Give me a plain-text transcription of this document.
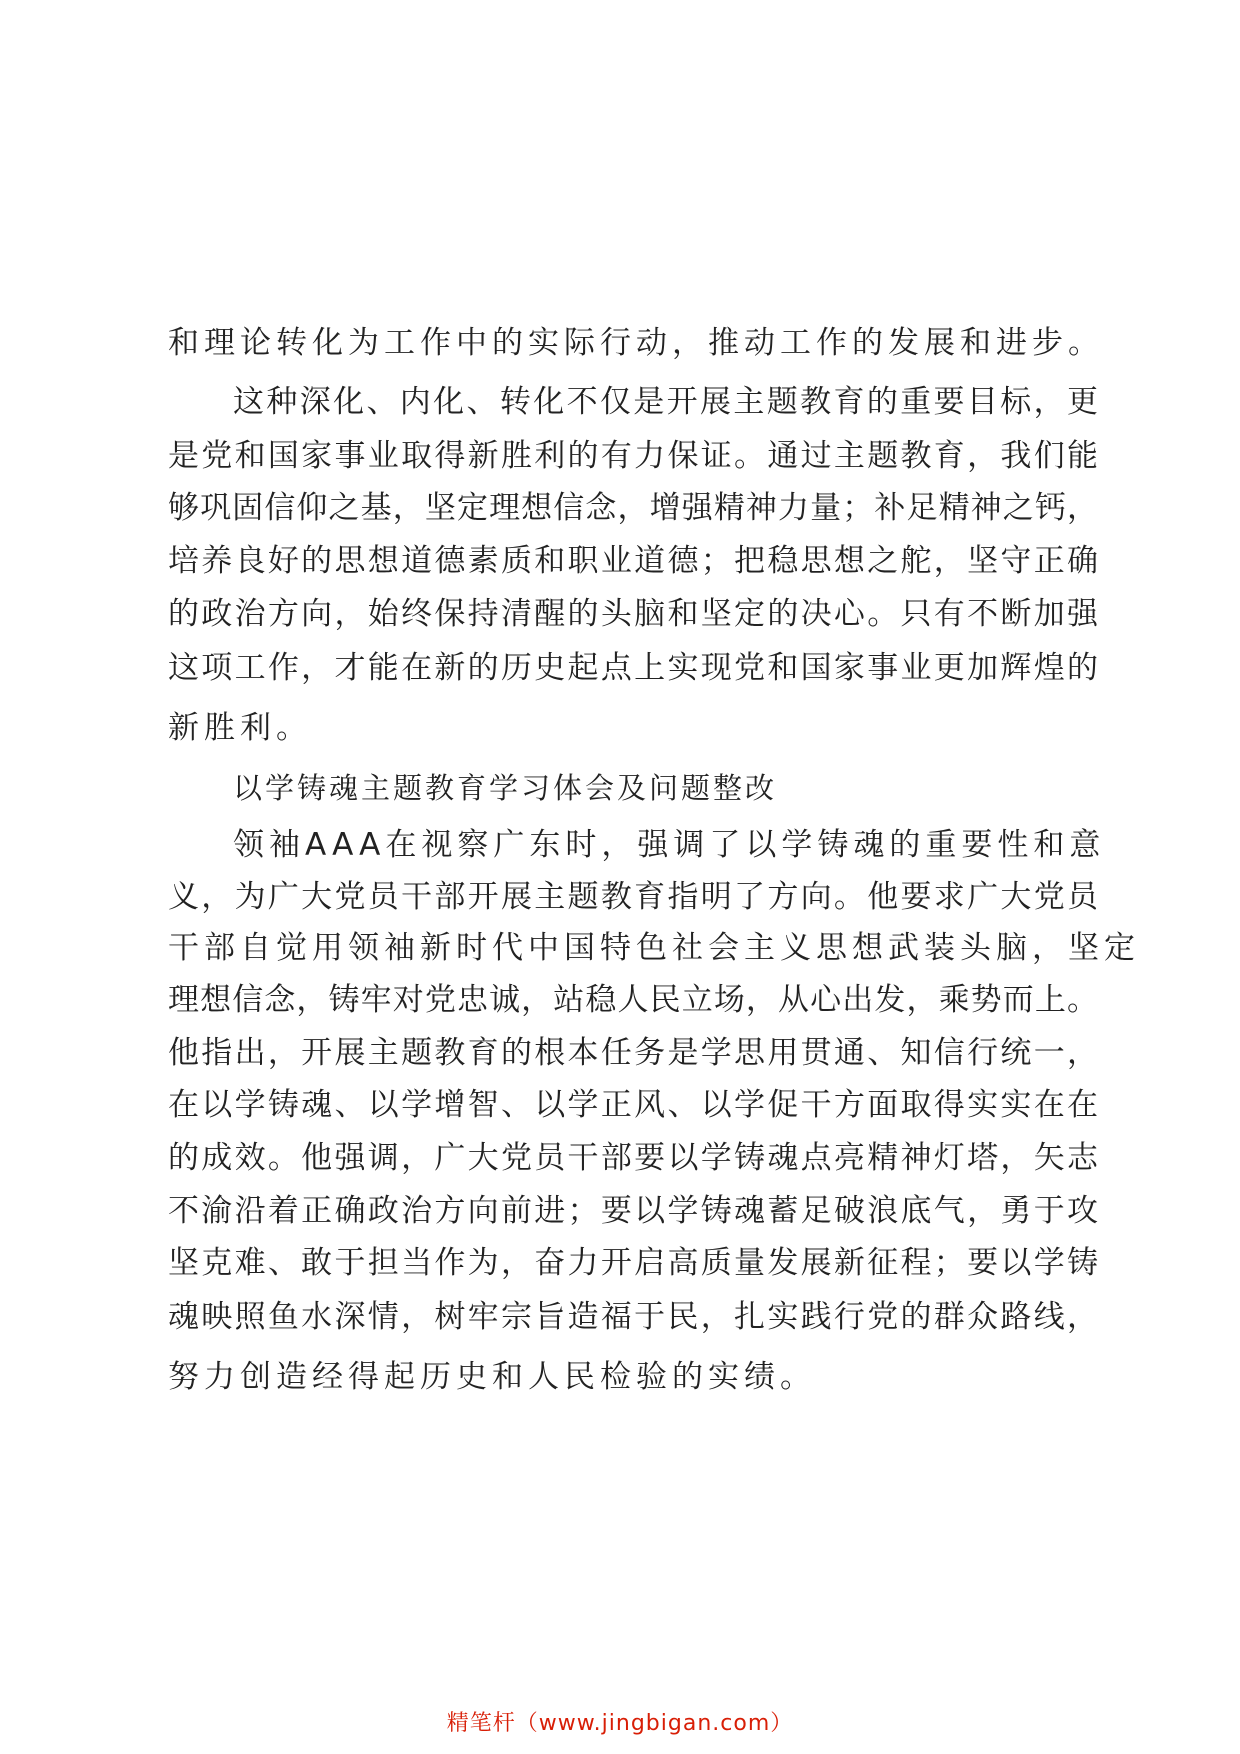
和理论转化为工作中的实际行动，推动工作的发展和进步。
这种深化、内化、转化不仅是开展主题教育的重要目标，更
是党和国家事业取得新胜利的有力保证。通过主题教育，我们能
够巩固信仰之基，坚定理想信念，增强精神力量；补足精神之钙，
培养良好的思想道德素质和职业道德；把稳思想之舵，坚守正确
的政治方向，始终保持清醒的头脑和坚定的决心。只有不断加强
这项工作，才能在新的历史起点上实现党和国家事业更加辉煌的
新胜利。
以学铸魂主题教育学习体会及问题整改
领袖AAA在视察广东时，强调了以学铸魂的重要性和意
义，为广大党员干部开展主题教育指明了方向。他要求广大党员
干部自觉用领袖新时代中国特色社会主义思想武装头脑，坚定
理想信念，铸牢对党忠诚，站稳人民立场，从心出发，乘势而上。
他指出，开展主题教育的根本任务是学思用贯通、知信行统一，
在以学铸魂、以学增智、以学正风、以学促干方面取得实实在在
的成效。他强调，广大党员干部要以学铸魂点亮精神灯塔，矢志
不渝沿着正确政治方向前进；要以学铸魂蓄足破浪底气，勇于攻
坚克难、敢于担当作为，奋力开启高质量发展新征程；要以学铸
魂映照鱼水深情，树牢宗旨造福于民，扎实践行党的群众路线，
努力创造经得起历史和人民检验的实绩。
精笔杆（www.jingbigan.com）
